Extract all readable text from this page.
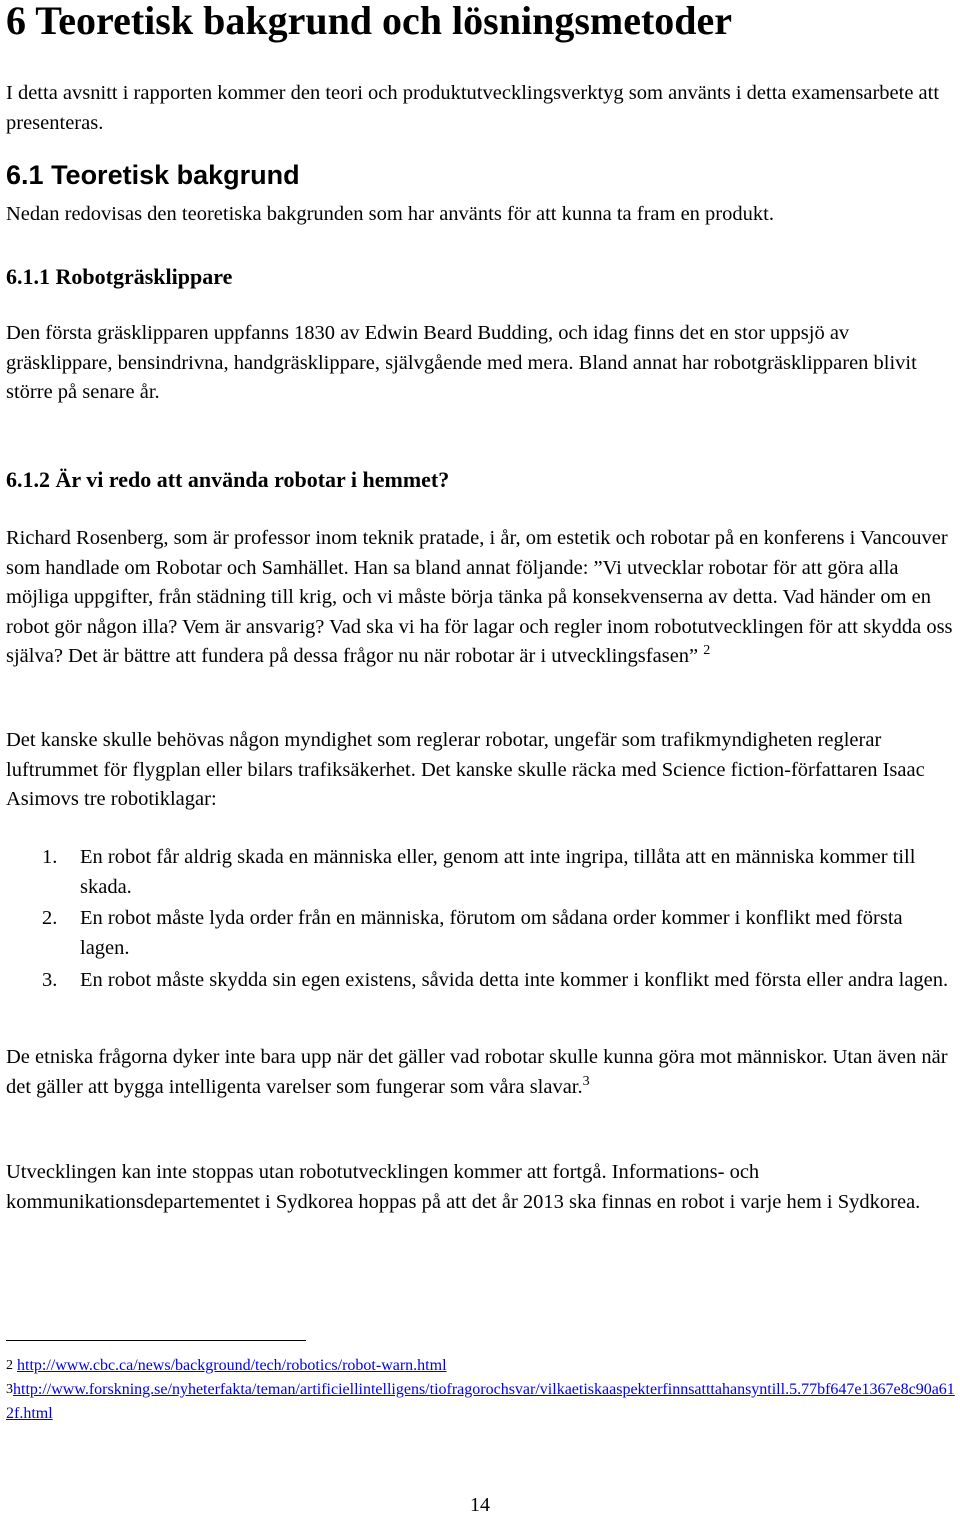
6 Teoretisk bakgrund och lösningsmetoder

I detta avsnitt i rapporten kommer den teori och produktutvecklingsverktyg som använts i detta examensarbete att presenteras.

6.1 Teoretisk bakgrund

Nedan redovisas den teoretiska bakgrunden som har använts för att kunna ta fram en produkt.

6.1.1 Robotgräsklippare

Den första gräsklipparen uppfanns 1830 av Edwin Beard Budding, och idag finns det en stor uppsjö av gräsklippare, bensindrivna, handgräsklippare, självgående med mera. Bland annat har robotgräsklipparen blivit större på senare år.

6.1.2 Är vi redo att använda robotar i hemmet?

Richard Rosenberg, som är professor inom teknik pratade, i år, om estetik och robotar på en konferens i Vancouver som handlade om Robotar och Samhället. Han sa bland annat följande: ”Vi utvecklar robotar för att göra alla möjliga uppgifter, från städning till krig, och vi måste börja tänka på konsekvenserna av detta. Vad händer om en robot gör någon illa? Vem är ansvarig? Vad ska vi ha för lagar och regler inom robotutvecklingen för att skydda oss själva? Det är bättre att fundera på dessa frågor nu när robotar är i utvecklingsfasen” $^2$

Det kanske skulle behövas någon myndighet som reglerar robotar, ungefär som trafikmyndigheten reglerar luftrummet för flygplan eller bilars trafiksäkerhet. Det kanske skulle räcka med Science fiction-författaren Isaac Asimovs tre robotiklagar:

1. En robot får aldrig skada en människa eller, genom att inte ingripa, tillåta att en människa kommer till skada.
2. En robot måste lyda order från en människa, förutom om sådana order kommer i konflikt med första lagen.
3. En robot måste skydda sin egen existens, såvida detta inte kommer i konflikt med första eller andra lagen.

De etniska frågorna dyker inte bara upp när det gäller vad robotar skulle kunna göra mot människor. Utan även när det gäller att bygga intelligenta varelser som fungerar som våra slavar.$^3$

Utvecklingen kan inte stoppas utan robotutvecklingen kommer att fortgå. Informations- och kommunikationsdepartementet i Sydkorea hoppas på att det år 2013 ska finnas en robot i varje hem i Sydkorea.

2 http://www.cbc.ca/news/background/tech/robotics/robot-warn.html
3http://www.forskning.se/nyheterfakta/teman/artificiellintelligens/tiofragorochsvar/vilkaetiskaaspekterfinnsatttahansyntill.5.77bf647e1367e8c90a612f.html
14
